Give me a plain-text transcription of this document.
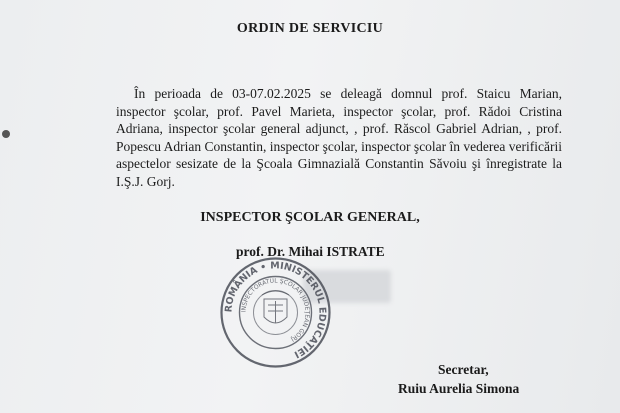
ORDIN DE SERVICIU

În perioada de 03-07.02.2025 se deleagă domnul prof. Staicu Marian, inspector şcolar, prof. Pavel Marieta, inspector şcolar, prof. Rădoi Cristina Adriana, inspector şcolar general adjunct, , prof. Răscol Gabriel Adrian, , prof. Popescu Adrian Constantin, inspector şcolar, inspector şcolar în vederea verificării aspectelor sesizate de la Şcoala Gimnazială Constantin Săvoiu şi înregistrate la I.Ş.J. Gorj.

INSPECTOR ŞCOLAR GENERAL,
prof. Dr. Mihai ISTRATE
ROMÂNIA • MINISTERUL EDUCAŢIEI
INSPECTORATUL ŞCOLAR JUDEŢEAN GORJ
Secretar,
Ruiu Aurelia Simona
